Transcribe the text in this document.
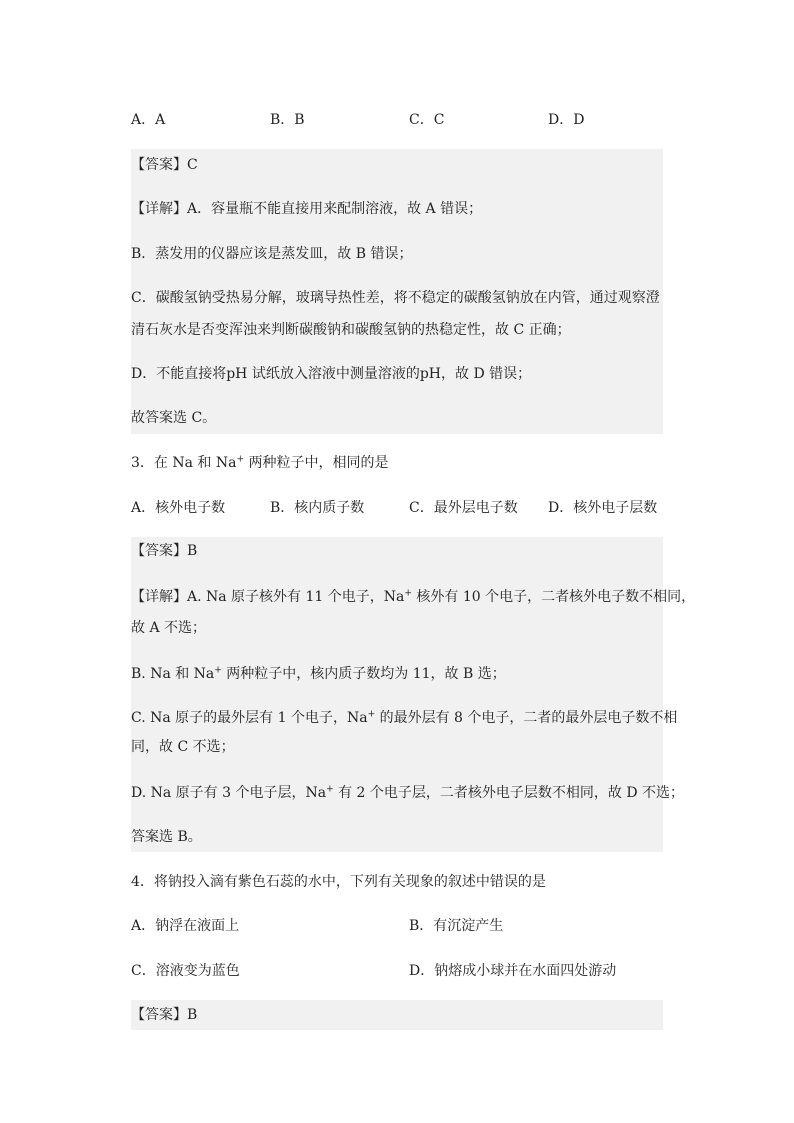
A．A	B．B	C．C	D．D
【答案】C
【详解】A．容量瓶不能直接用来配制溶液，故 A 错误；
B．蒸发用的仪器应该是蒸发皿，故 B 错误；
C．碳酸氢钠受热易分解，玻璃导热性差，将不稳定的碳酸氢钠放在内管，通过观察澄
清石灰水是否变浑浊来判断碳酸钠和碳酸氢钠的热稳定性，故 C 正确；
D．不能直接将pH 试纸放入溶液中测量溶液的pH，故 D 错误；
故答案选 C。
3．在 Na 和 Na+ 两种粒子中，相同的是
A．核外电子数	B．核内质子数	C．最外层电子数	D．核外电子层数
【答案】B
【详解】A. Na 原子核外有 11 个电子，Na+ 核外有 10 个电子，二者核外电子数不相同，
故 A 不选；
B. Na 和 Na+ 两种粒子中，核内质子数均为 11，故 B 选；
C. Na 原子的最外层有 1 个电子，Na+ 的最外层有 8 个电子，二者的最外层电子数不相
同，故 C 不选；
D. Na 原子有 3 个电子层，Na+ 有 2 个电子层，二者核外电子层数不相同，故 D 不选；
答案选 B。
4．将钠投入滴有紫色石蕊的水中，下列有关现象的叙述中错误的是
A．钠浮在液面上	B．有沉淀产生
C．溶液变为蓝色	D．钠熔成小球并在水面四处游动
【答案】B
